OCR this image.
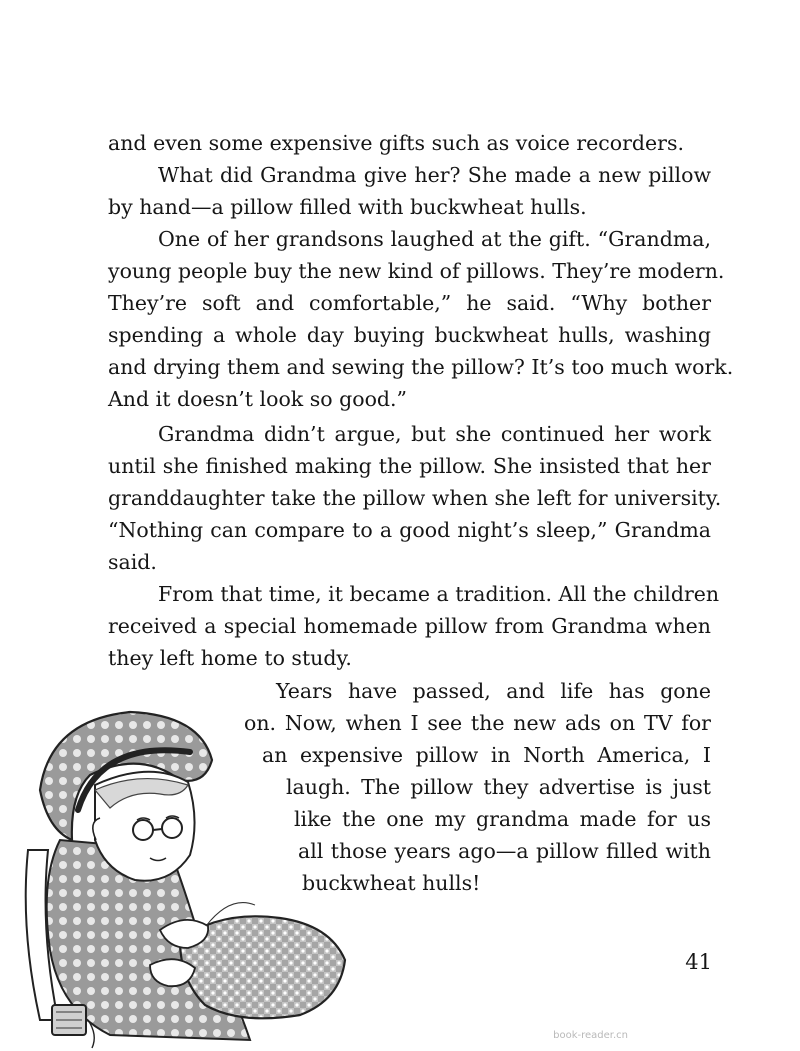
and even some expensive gifts such as voice recorders.
What did Grandma give her? She made a new pillow
by hand—a pillow filled with buckwheat hulls.
One of her grandsons laughed at the gift. “Grandma,
young people buy the new kind of pillows. They’re modern.
They’re soft and comfortable,” he said. “Why bother
spending a whole day buying buckwheat hulls, washing
and drying them and sewing the pillow? It’s too much work.
And it doesn’t look so good.”
Grandma didn’t argue, but she continued her work
until she finished making the pillow. She insisted that her
granddaughter take the pillow when she left for university.
“Nothing can compare to a good night’s sleep,” Grandma
said.
From that time, it became a tradition. All the children
received a special homemade pillow from Grandma when
they left home to study.
Years have passed, and life has gone
on. Now, when I see the new ads on TV for
an expensive pillow in North America, I
laugh. The pillow they advertise is just
like the one my grandma made for us
all those years ago—a pillow filled with
buckwheat hulls!
41
book-reader.cn
